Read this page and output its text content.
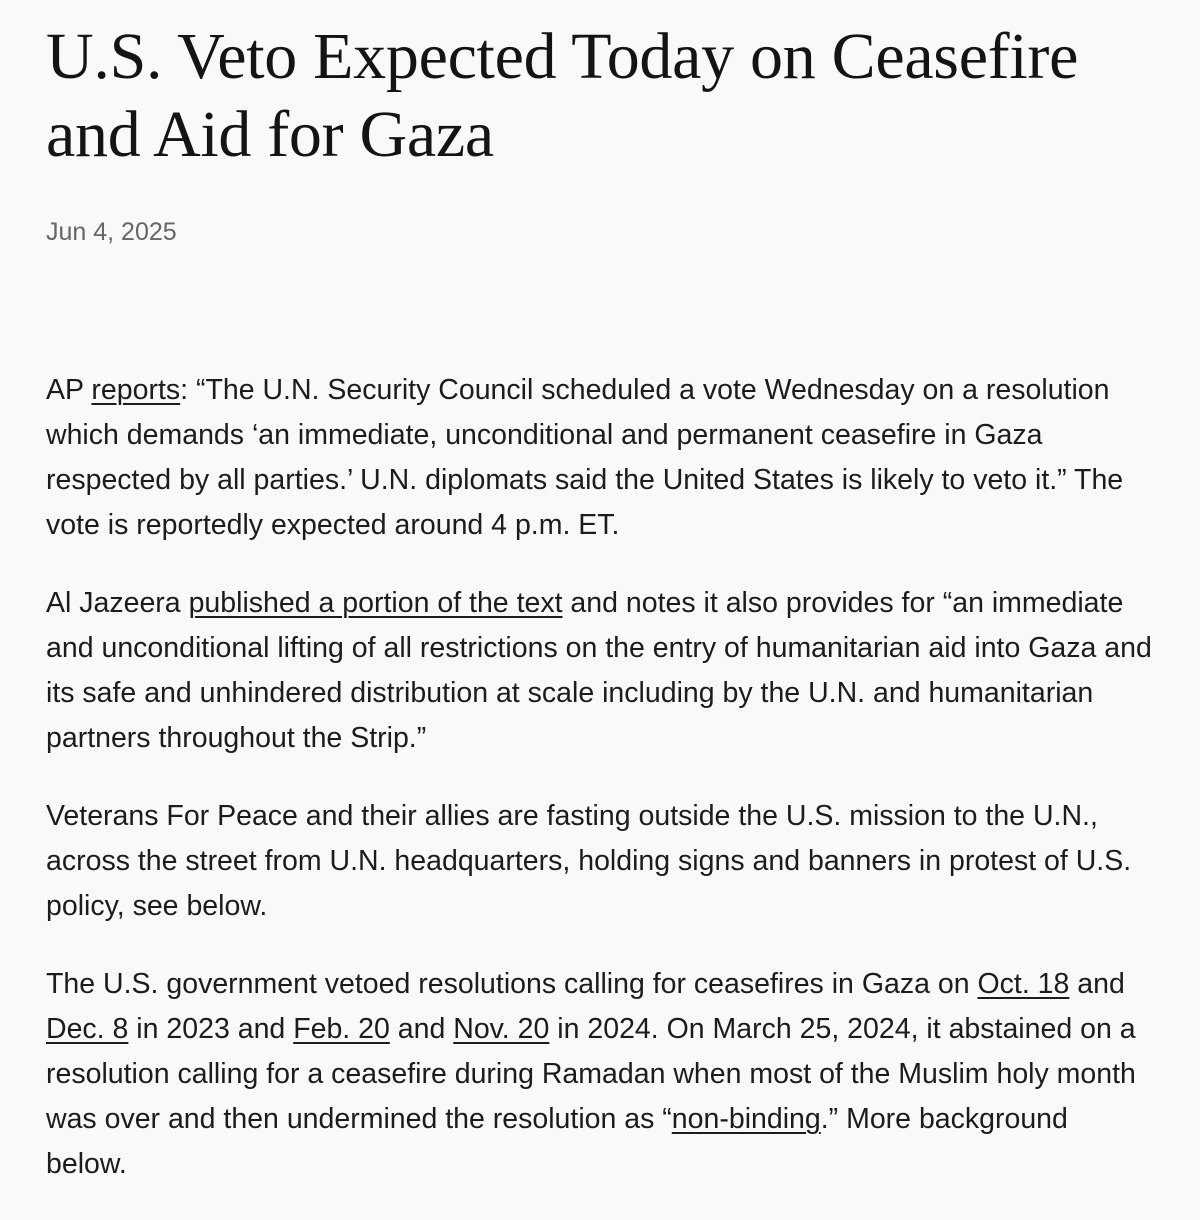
U.S. Veto Expected Today on Ceasefire and Aid for Gaza
Jun 4, 2025

AP reports: “The U.N. Security Council scheduled a vote Wednesday on a resolution which demands ‘an immediate, unconditional and permanent ceasefire in Gaza respected by all parties.’ U.N. diplomats said the United States is likely to veto it.” The vote is reportedly expected around 4 p.m. ET.

Al Jazeera published a portion of the text and notes it also provides for “an immediate and unconditional lifting of all restrictions on the entry of humanitarian aid into Gaza and its safe and unhindered distribution at scale including by the U.N. and humanitarian partners throughout the Strip.”

Veterans For Peace and their allies are fasting outside the U.S. mission to the U.N., across the street from U.N. headquarters, holding signs and banners in protest of U.S. policy, see below.

The U.S. government vetoed resolutions calling for ceasefires in Gaza on Oct. 18 and Dec. 8 in 2023 and Feb. 20 and Nov. 20 in 2024. On March 25, 2024, it abstained on a resolution calling for a ceasefire during Ramadan when most of the Muslim holy month was over and then undermined the resolution as “non-binding.” More background below.
